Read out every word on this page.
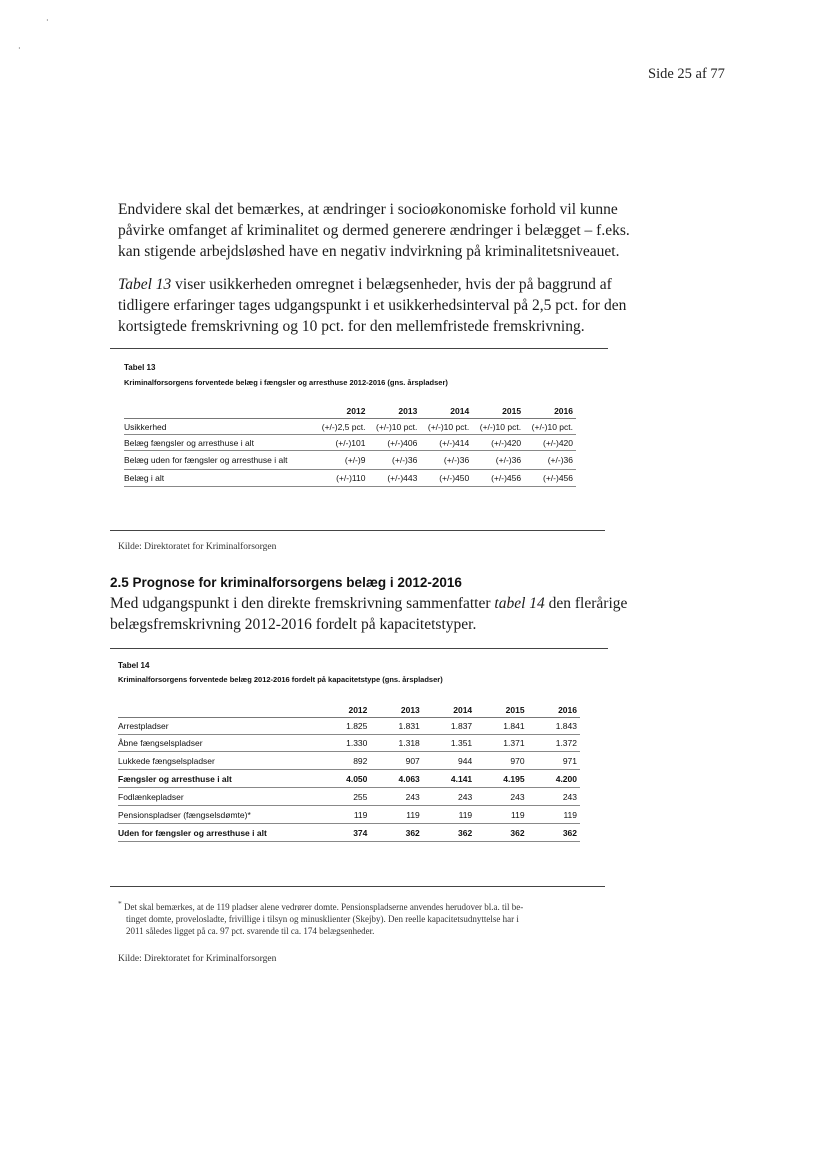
·
·
Side 25 af 77
Endvidere skal det bemærkes, at ændringer i socioøkonomiske forhold vil kunne
påvirke omfanget af kriminalitet og dermed generere ændringer i belægget – f.eks.
kan stigende arbejdsløshed have en negativ indvirkning på kriminalitetsniveauet.
Tabel 13 viser usikkerheden omregnet i belægsenheder, hvis der på baggrund af
tidligere erfaringer tages udgangspunkt i et usikkerhedsinterval på 2,5 pct. for den
kortsigtede fremskrivning og 10 pct. for den mellemfristede fremskrivning.
Tabel 13
Kriminalforsorgens forventede belæg i fængsler og arresthuse 2012-2016 (gns. årspladser)
	2012	2013	2014	2015	2016
Usikkerhed	(+/-)2,5 pct.	(+/-)10 pct.	(+/-)10 pct.	(+/-)10 pct.	(+/-)10 pct.
Belæg fængsler og arresthuse i alt	(+/-)101	(+/-)406	(+/-)414	(+/-)420	(+/-)420
Belæg uden for fængsler og arresthuse i alt	(+/-)9	(+/-)36	(+/-)36	(+/-)36	(+/-)36
Belæg i alt	(+/-)110	(+/-)443	(+/-)450	(+/-)456	(+/-)456
Kilde: Direktoratet for Kriminalforsorgen
2.5 Prognose for kriminalforsorgens belæg i 2012-2016
Med udgangspunkt i den direkte fremskrivning sammenfatter tabel 14 den flerårige
belægsfremskrivning 2012-2016 fordelt på kapacitetstyper.
Tabel 14
Kriminalforsorgens forventede belæg 2012-2016 fordelt på kapacitetstype (gns. årspladser)
	2012	2013	2014	2015	2016
Arrestpladser	1.825	1.831	1.837	1.841	1.843
Åbne fængselspladser	1.330	1.318	1.351	1.371	1.372
Lukkede fængselspladser	892	907	944	970	971
Fængsler og arresthuse i alt	4.050	4.063	4.141	4.195	4.200
Fodlænkepladser	255	243	243	243	243
Pensionspladser (fængselsdømte)*	119	119	119	119	119
Uden for fængsler og arresthuse i alt	374	362	362	362	362
* Det skal bemærkes, at de 119 pladser alene vedrører domte. Pensionspladserne anvendes herudover bl.a. til be-
tinget domte, provelosladte, frivillige i tilsyn og minusklienter (Skejby). Den reelle kapacitetsudnyttelse har i
2011 således ligget på ca. 97 pct. svarende til ca. 174 belægsenheder.
Kilde: Direktoratet for Kriminalforsorgen
